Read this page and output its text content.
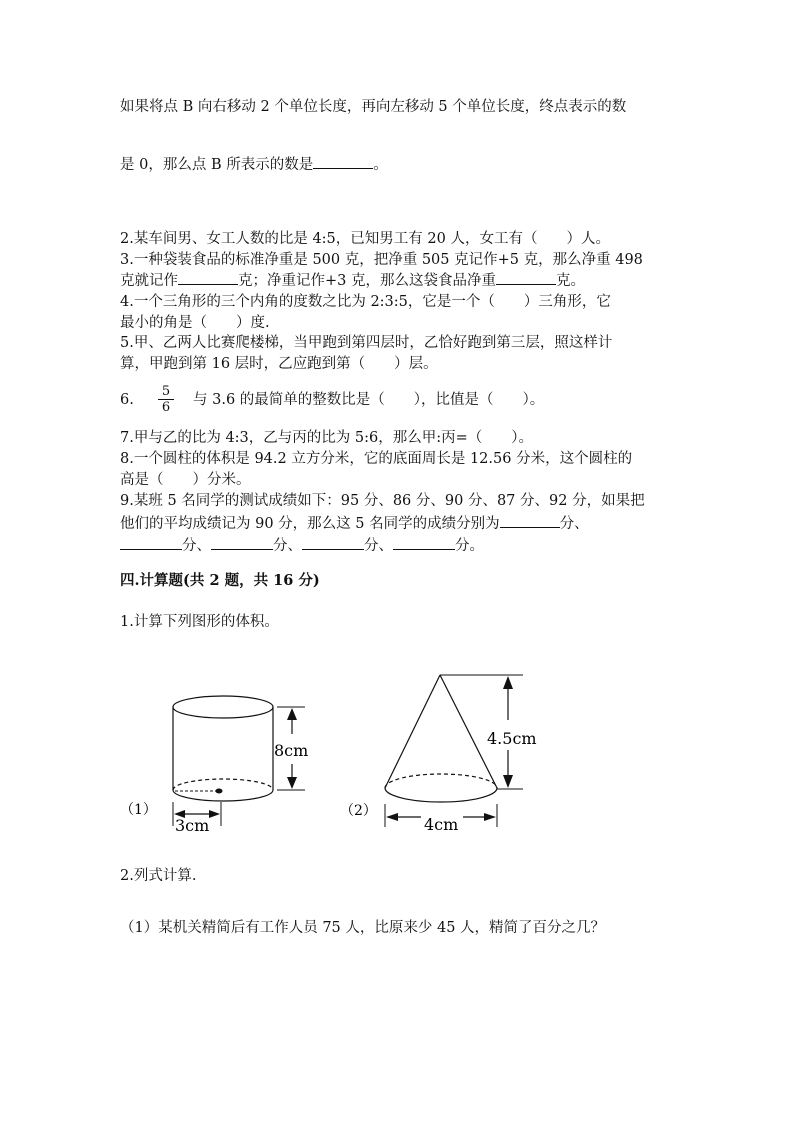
如果将点 B 向右移动 2 个单位长度，再向左移动 5 个单位长度，终点表示的数
是 0，那么点 B 所表示的数是	。
2.某车间男、女工人数的比是 4:5，已知男工有 20 人，女工有（　　）人。
3.一种袋装食品的标准净重是 500 克，把净重 505 克记作+5 克，那么净重 498
克就记作	克；净重记作+3 克，那么这袋食品净重	克。
4.一个三角形的三个内角的度数之比为 2:3:5，它是一个（　　）三角形，它
最小的角是（　　）度.
5.甲、乙两人比赛爬楼梯，当甲跑到第四层时，乙恰好跑到第三层，照这样计
算，甲跑到第 16 层时，乙应跑到第（　　）层。
6. $\frac{5}{6}$ 与 3.6 的最简单的整数比是（　　），比值是（　　）。
7.甲与乙的比为 4:3，乙与丙的比为 5:6，那么甲:丙=（　　）。
8.一个圆柱的体积是 94.2 立方分米，它的底面周长是 12.56 分米，这个圆柱的
高是（　　）分米。
9.某班 5 名同学的测试成绩如下：95 分、86 分、90 分、87 分、92 分，如果把
他们的平均成绩记为 90 分，那么这 5 名同学的成绩分别为	分、
分、	分、	分、	分。
四.计算题(共 2 题，共 16 分)
1.计算下列图形的体积。
（1）
8cm
3cm
（2）
4.5cm
4cm
2.列式计算.
（1）某机关精简后有工作人员 75 人，比原来少 45 人，精简了百分之几？
